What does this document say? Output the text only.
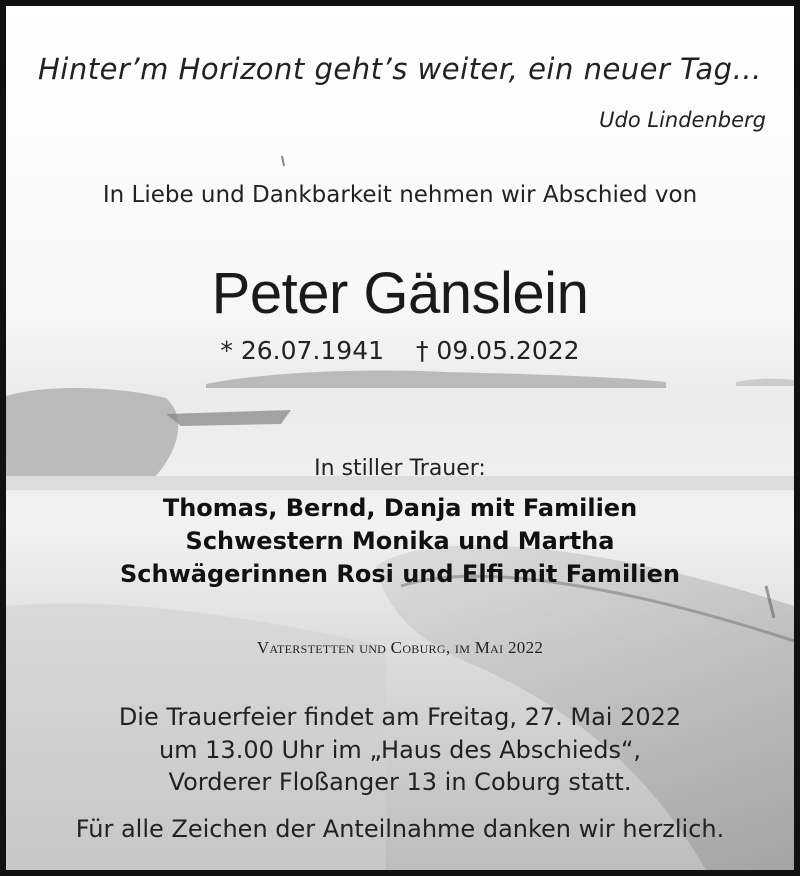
Hinter’m Horizont geht’s weiter, ein neuer Tag…
Udo Lindenberg
In Liebe und Dankbarkeit nehmen wir Abschied von
Peter Gänslein
* 26.07.1941 † 09.05.2022
In stiller Trauer:
Thomas, Bernd, Danja mit Familien
Schwestern Monika und Martha
Schwägerinnen Rosi und Elfi mit Familien
Vaterstetten und Coburg, im Mai 2022
Die Trauerfeier findet am Freitag, 27. Mai 2022
um 13.00 Uhr im „Haus des Abschieds“,
Vorderer Floßanger 13 in Coburg statt.
Für alle Zeichen der Anteilnahme danken wir herzlich.
